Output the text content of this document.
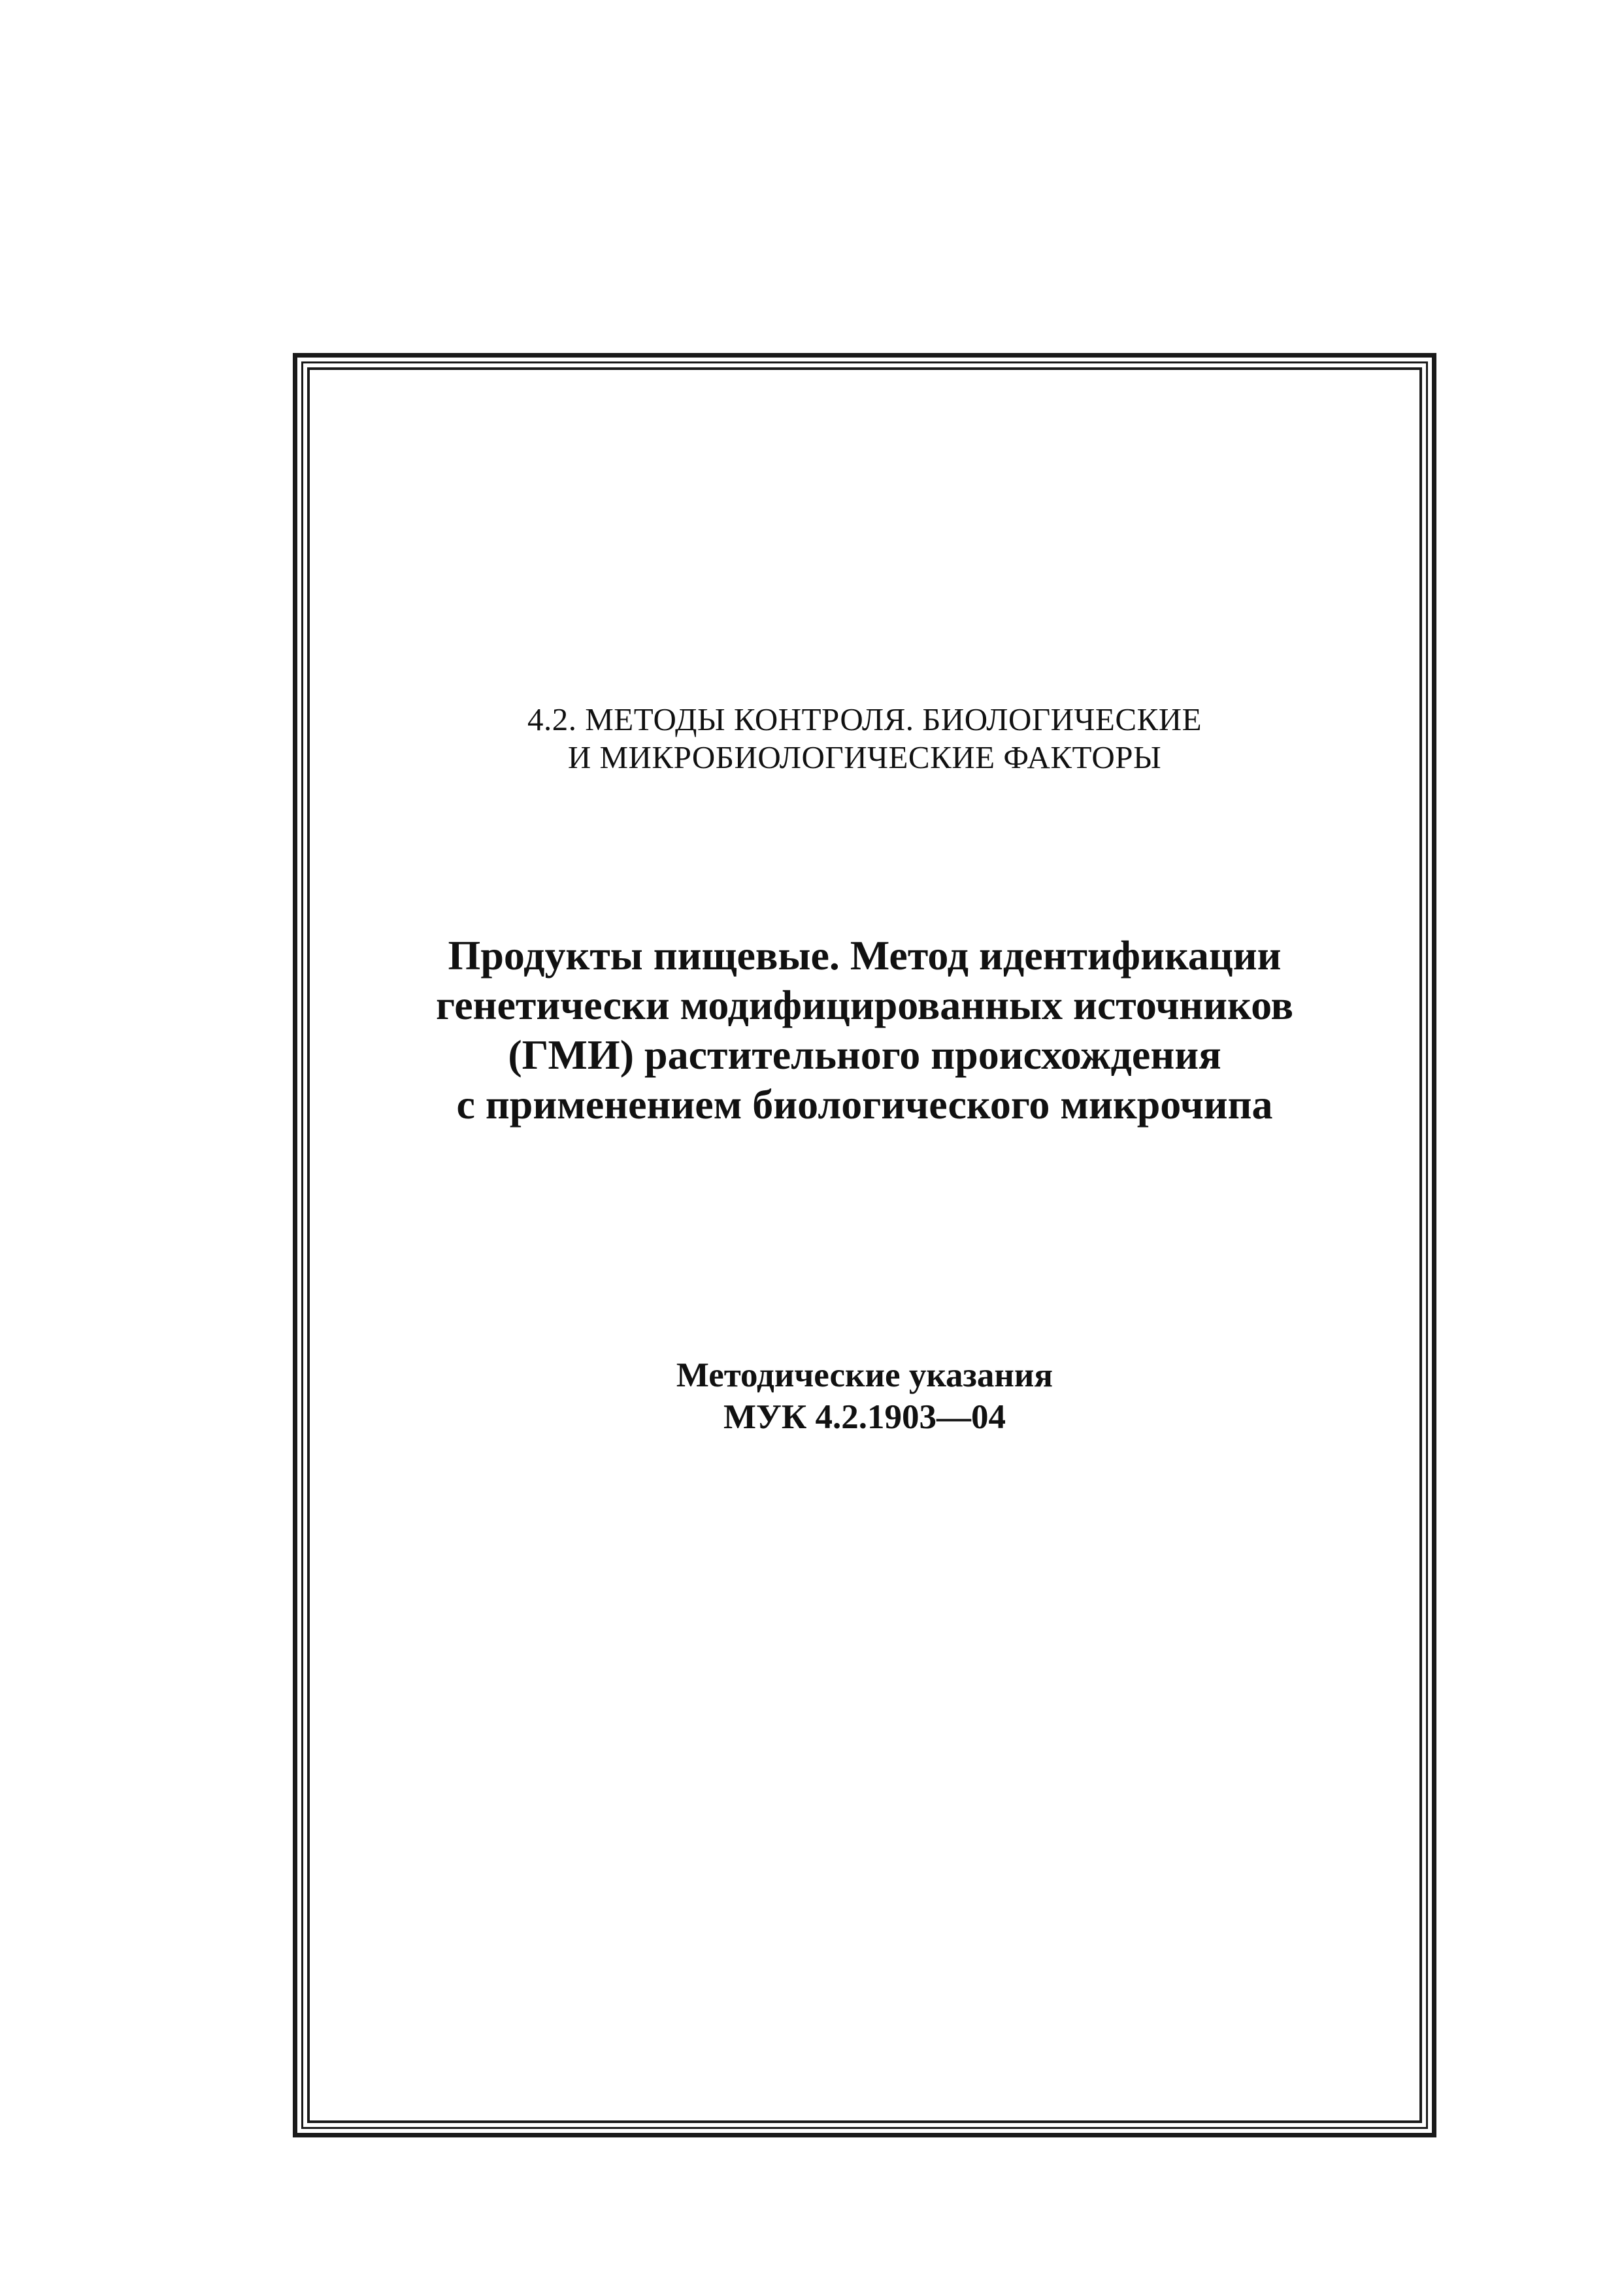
4.2. МЕТОДЫ КОНТРОЛЯ. БИОЛОГИЧЕСКИЕ
И МИКРОБИОЛОГИЧЕСКИЕ ФАКТОРЫ
Продукты пищевые. Метод идентификации
генетически модифицированных источников
(ГМИ) растительного происхождения
с применением биологического микрочипа
Методические указания
МУК 4.2.1903—04
